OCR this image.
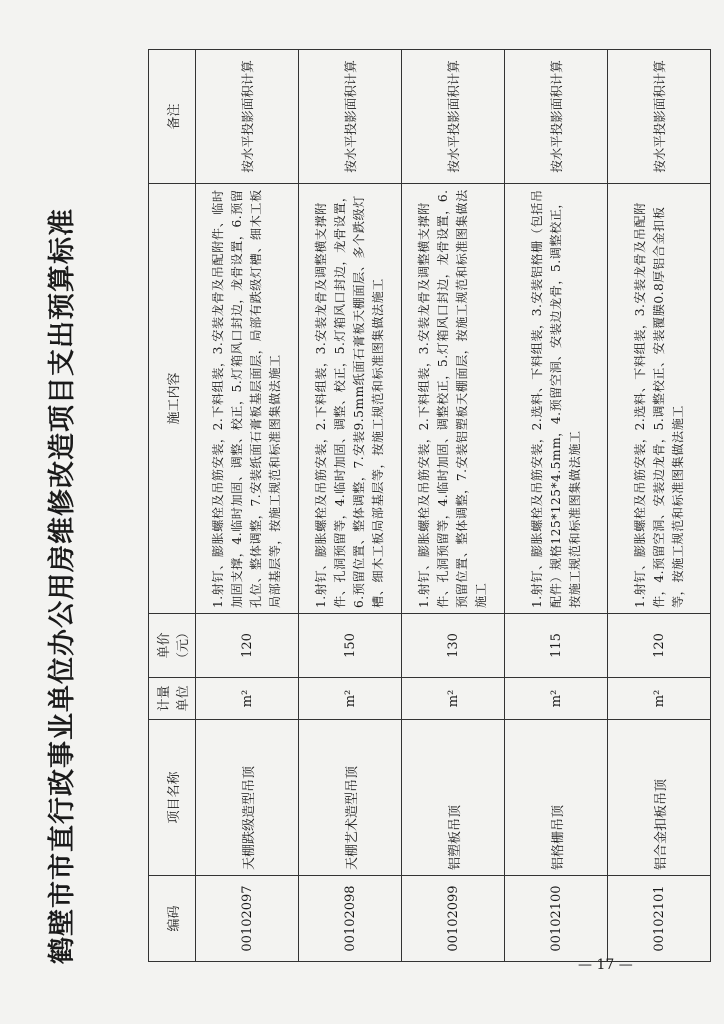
鹤壁市市直行政事业单位办公用房维修改造项目支出预算标准	编码	项目名称	计量单位	单价（元）	施工内容	备注
00102097	天棚跌级造型吊顶	m²	120	1.射钉、膨胀螺栓及吊筋安装，2.下料组装，3.安装龙骨及吊配附件、临时加固支撑，4.临时加固、调整、校正，5.灯箱风口封边，龙骨设置，6.预留孔位、整体调整，7.安装纸面石膏板基层面层，局部有跌级灯槽、细木工板局部基层等，按施工规范和标准图集做法施工	按水平投影面积计算
00102098	天棚艺术造型吊顶	m²	150	1.射钉、膨胀螺栓及吊筋安装，2.下料组装，3.安装龙骨及调整横支撑附件、孔洞预留等，4.临时加固、调整、校正，5.灯箱风口封边，龙骨设置，6.预留位置、整体调整，7.安装9.5mm纸面石膏板天棚面层、多个跌级灯槽、细木工板局部基层等，按施工规范和标准图集做法施工	按水平投影面积计算
00102099	铝塑板吊顶	m²	130	1.射钉、膨胀螺栓及吊筋安装，2.下料组装，3.安装龙骨及调整横支撑附件、孔洞预留等，4.临时加固、调整校正，5.灯箱风口封边，龙骨设置，6.预留位置、整体调整，7.安装铝塑板天棚面层，按施工规范和标准图集做法施工	按水平投影面积计算
00102100	铝格栅吊顶	m²	115	1.射钉、膨胀螺栓及吊筋安装，2.选料、下料组装，3.安装铝格栅（包括吊配件）规格125*125*4.5mm，4.预留空洞、安装边龙骨，5.调整校正，按施工规范和标准图集做法施工	按水平投影面积计算
00102101	铝合金扣板吊顶	m²	120	1.射钉、膨胀螺栓及吊筋安装，2.选料、下料组装，3.安装龙骨及吊配附件，4.预留空洞、安装边龙骨，5.调整校正、安装覆膜0.8厚铝合金扣板等，按施工规范和标准图集做法施工	按水平投影面积计算
— 17 —
